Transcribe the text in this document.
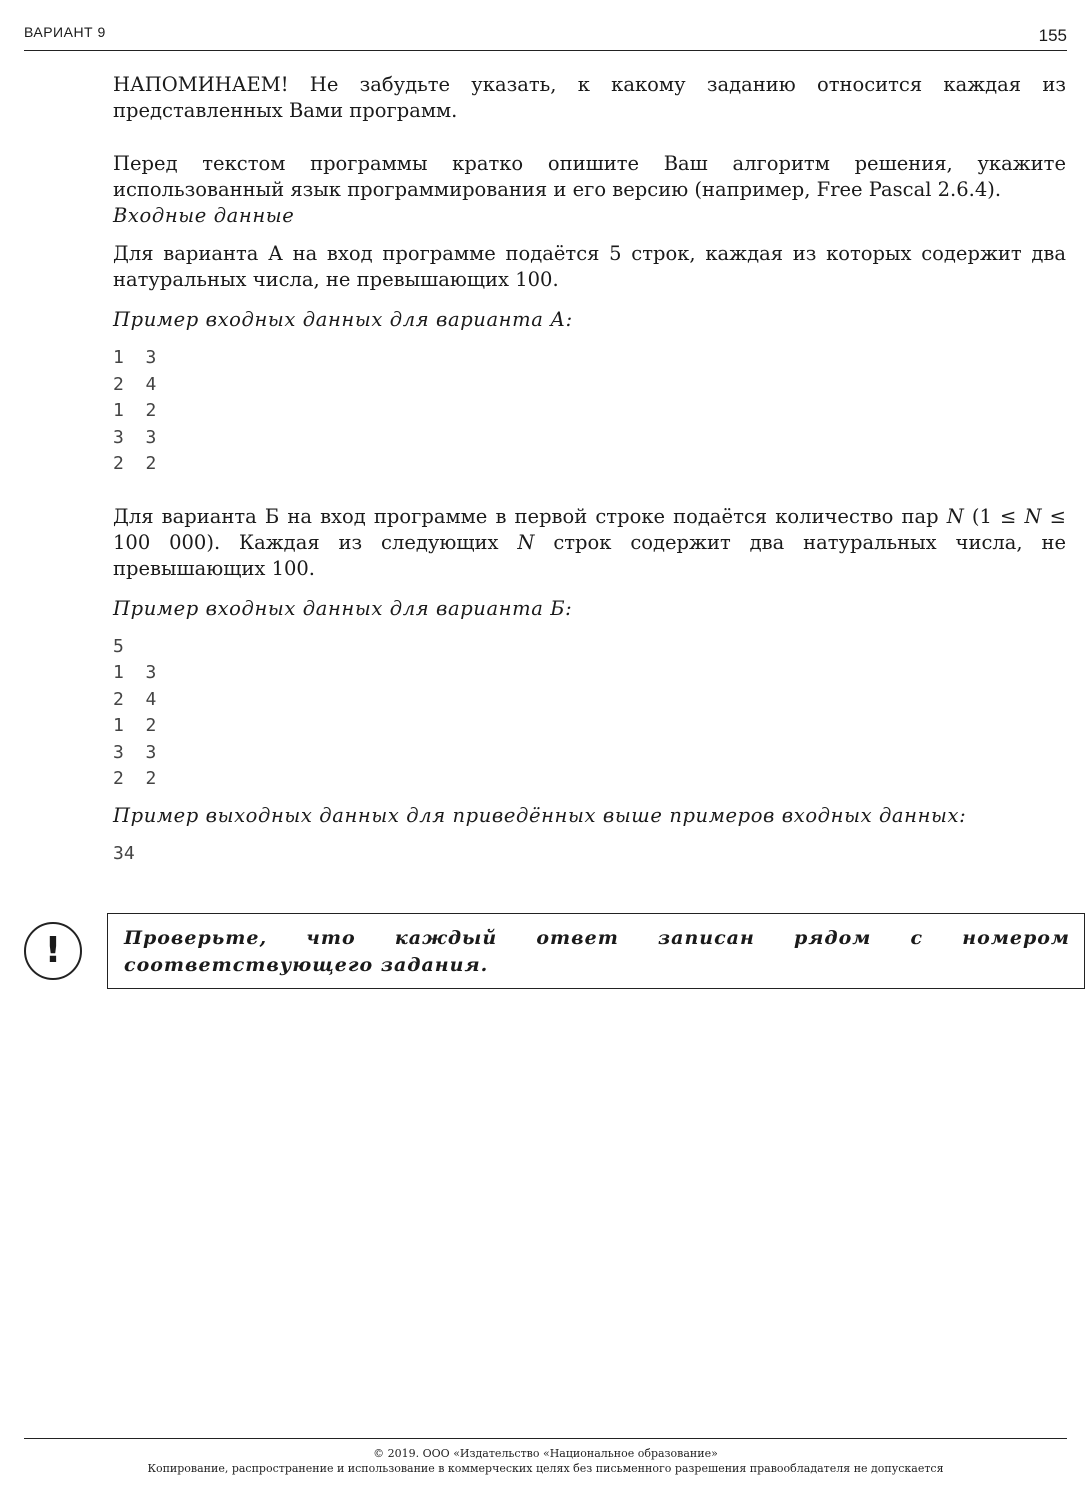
ВАРИАНТ 9	155

НАПОМИНАЕМ! Не забудьте указать, к какому заданию относится каждая из представленных Вами программ.

Перед текстом программы кратко опишите Ваш алгоритм решения, укажите использованный язык программирования и его версию (например, Free Pascal 2.6.4).

Входные данные

Для варианта А на вход программе подаётся 5 строк, каждая из которых содержит два натуральных числа, не превышающих 100.

Пример входных данных для варианта А:

1  3
2  4
1  2
3  3
2  2

Для варианта Б на вход программе в первой строке подаётся количество пар N (1 ≤ N ≤ 100 000). Каждая из следующих N строк содержит два натуральных числа, не превышающих 100.

Пример входных данных для варианта Б:

5
1  3
2  4
1  2
3  3
2  2

Пример выходных данных для приведённых выше примеров входных данных:

34
!	Проверьте, что каждый ответ записан рядом с номером соответствующего задания.

© 2019. ООО «Издательство «Национальное образование»
Копирование, распространение и использование в коммерческих целях без письменного разрешения правообладателя не допускается
